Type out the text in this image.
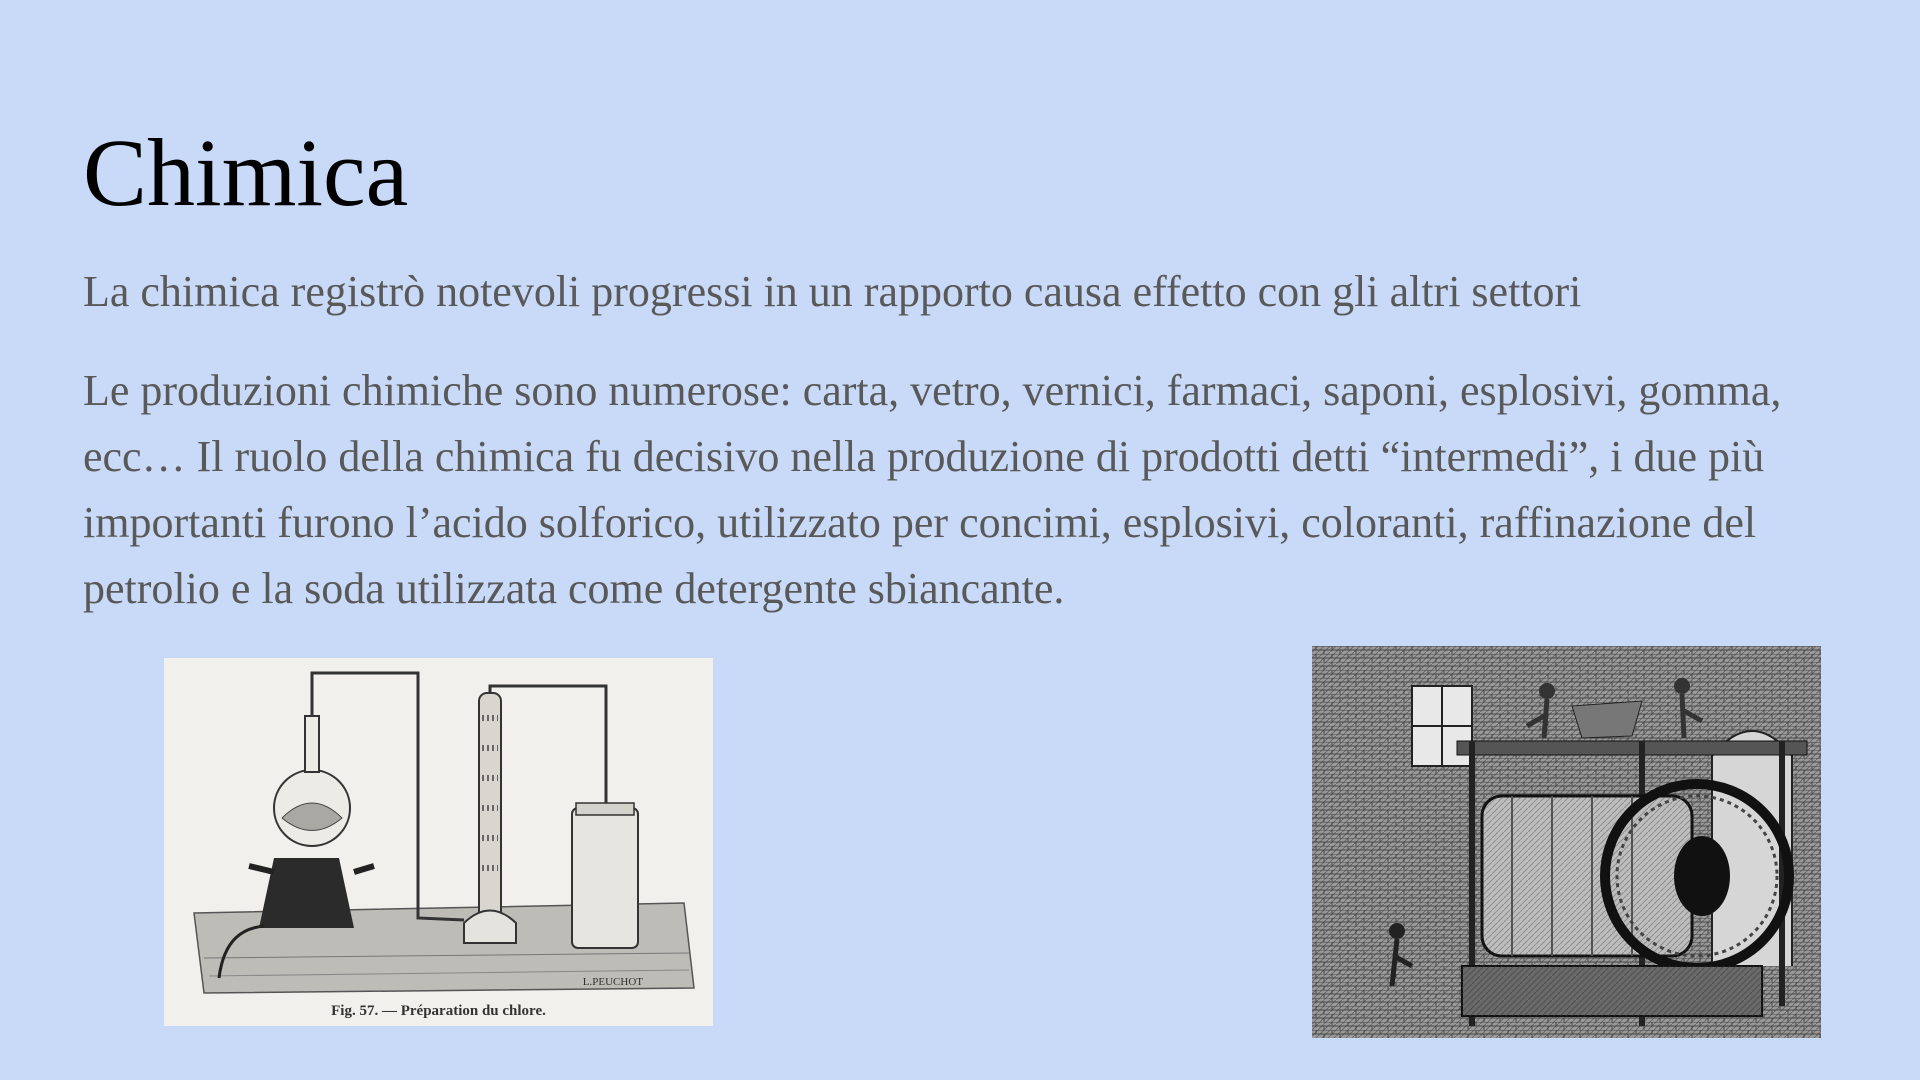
Chimica

La chimica registrò notevoli progressi in un rapporto causa effetto con gli altri settori

Le produzioni chimiche sono numerose: carta, vetro, vernici, farmaci, saponi, esplosivi, gomma, ecc… Il ruolo della chimica fu decisivo nella produzione di prodotti detti “intermedi”, i due più importanti furono l’acido solforico, utilizzato per concimi, esplosivi, coloranti, raffinazione del petrolio e la soda utilizzata come detergente sbiancante.

Fig. 57. — Préparation du chlore.
L.PEUCHOT
